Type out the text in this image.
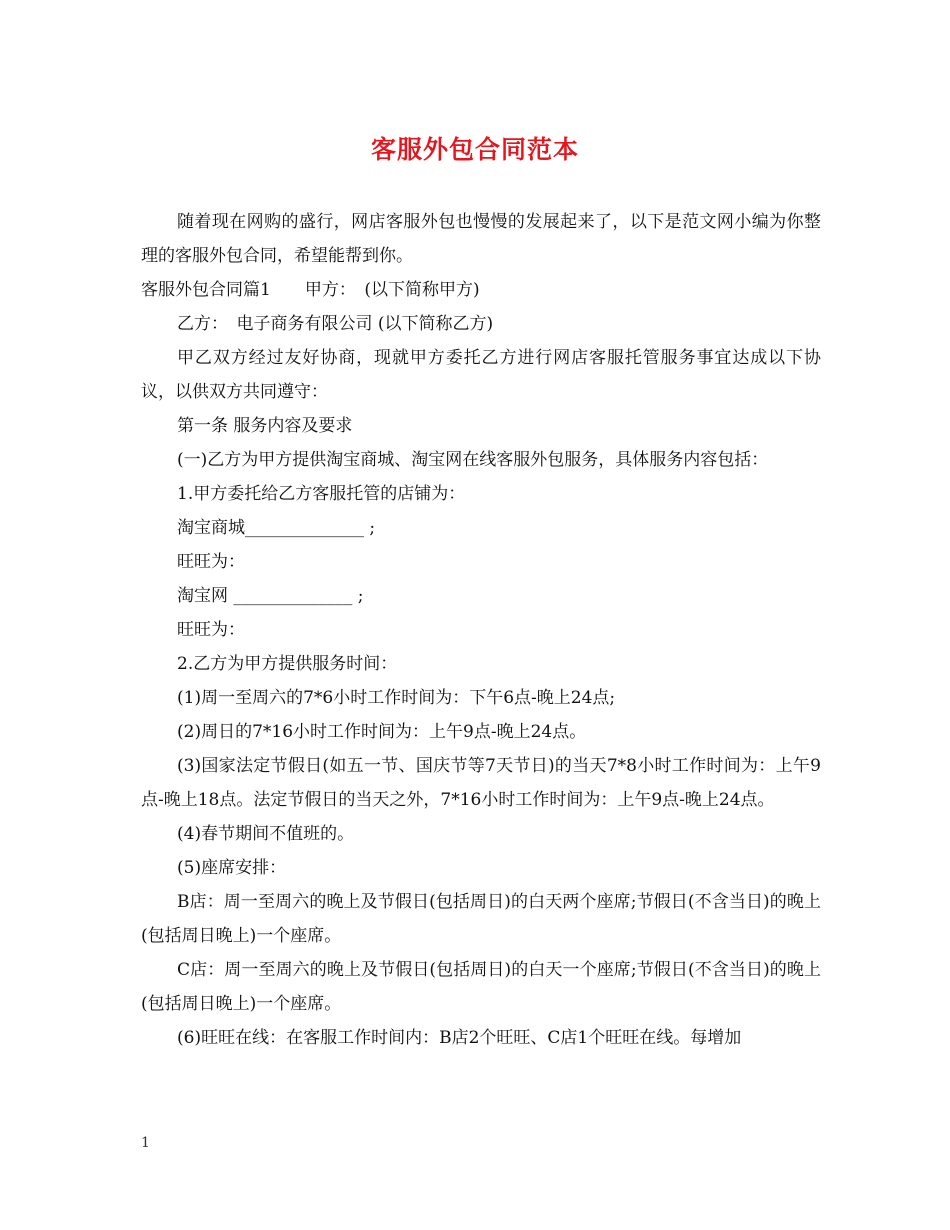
客服外包合同范本

随着现在网购的盛行，网店客服外包也慢慢的发展起来了，以下是范文网小编为你整理的客服外包合同，希望能帮到你。

客服外包合同篇1　　甲方：　(以下简称甲方)

乙方：　电子商务有限公司 (以下简称乙方)

甲乙双方经过友好协商，现就甲方委托乙方进行网店客服托管服务事宜达成以下协议，以供双方共同遵守：

第一条 服务内容及要求

(一)乙方为甲方提供淘宝商城、淘宝网在线客服外包服务，具体服务内容包括：

1.甲方委托给乙方客服托管的店铺为：

淘宝商城______________ ;

旺旺为：

淘宝网 ______________ ;

旺旺为：

2.乙方为甲方提供服务时间：

(1)周一至周六的7*6小时工作时间为：下午6点-晚上24点;

(2)周日的7*16小时工作时间为：上午9点-晚上24点。

(3)国家法定节假日(如五一节、国庆节等7天节日)的当天7*8小时工作时间为：上午9点-晚上18点。法定节假日的当天之外，7*16小时工作时间为：上午9点-晚上24点。

(4)春节期间不值班的。

(5)座席安排：

B店：周一至周六的晚上及节假日(包括周日)的白天两个座席;节假日(不含当日)的晚上(包括周日晚上)一个座席。

C店：周一至周六的晚上及节假日(包括周日)的白天一个座席;节假日(不含当日)的晚上(包括周日晚上)一个座席。

(6)旺旺在线：在客服工作时间内：B店2个旺旺、C店1个旺旺在线。每增加

1
